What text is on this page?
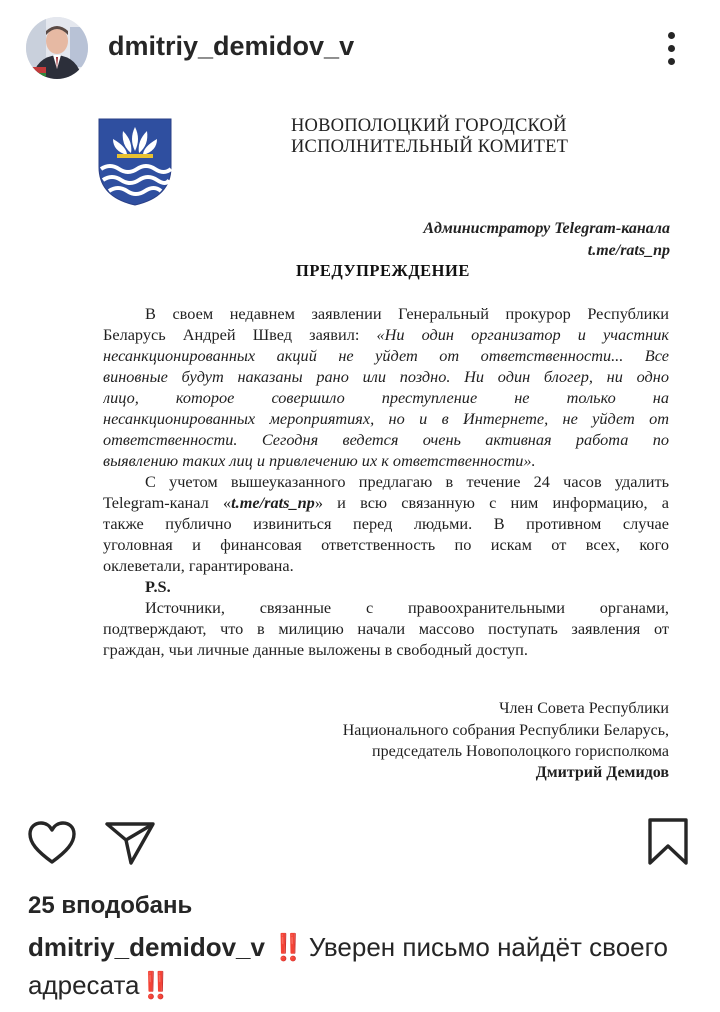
dmitriy_demidov_v
НОВОПОЛОЦКИЙ ГОРОДСКОЙ
ИСПОЛНИТЕЛЬНЫЙ КОМИТЕТ
Администратору Telegram-канала
t.me/rats_np
ПРЕДУПРЕЖДЕНИЕ
В своем недавнем заявлении Генеральный прокурор Республики
Беларусь Андрей Швед заявил: «Ни один организатор и участник
несанкционированных акций не уйдет от ответственности... Все
виновные будут наказаны рано или поздно. Ни один блогер, ни одно
лицо, которое совершило преступление не только на
несанкционированных мероприятиях, но и в Интернете, не уйдет от
ответственности. Сегодня ведется очень активная работа по
выявлению таких лиц и привлечению их к ответственности».
С учетом вышеуказанного предлагаю в течение 24 часов удалить
Telegram-канал «t.me/rats_np» и всю связанную с ним информацию, а
также публично извиниться перед людьми. В противном случае
уголовная и финансовая ответственность по искам от всех, кого
оклеветали, гарантирована.
P.S.
Источники, связанные с правоохранительными органами,
подтверждают, что в милицию начали массово поступать заявления от
граждан, чьи личные данные выложены в свободный доступ.
Член Совета Республики
Национального собрания Республики Беларусь,
председатель Новополоцкого горисполкома
Дмитрий Демидов
25 вподобань
dmitriy_demidov_v ‼️ Уверен письмо найдёт своего адресата‼️
